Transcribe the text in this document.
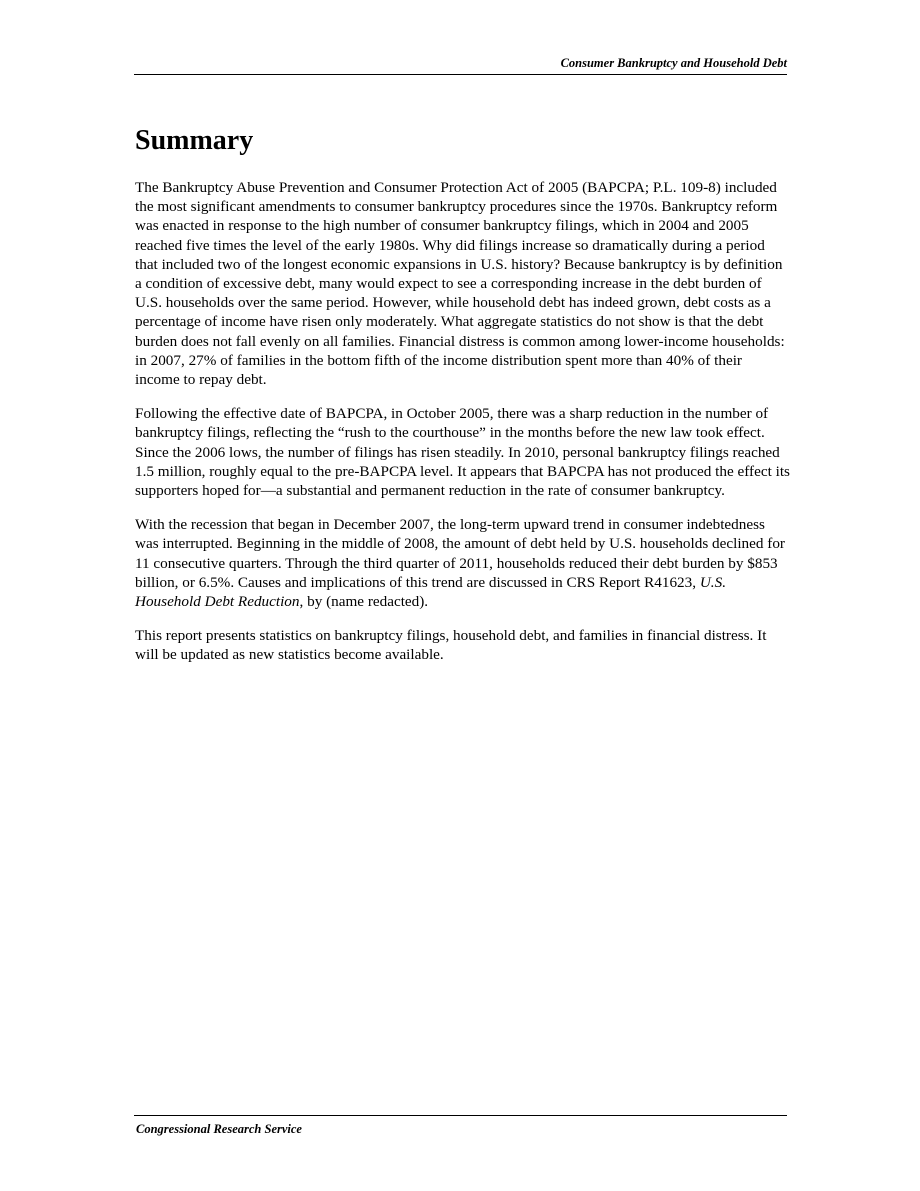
Consumer Bankruptcy and Household Debt
Summary

The Bankruptcy Abuse Prevention and Consumer Protection Act of 2005 (BAPCPA; P.L. 109-8) included the most significant amendments to consumer bankruptcy procedures since the 1970s. Bankruptcy reform was enacted in response to the high number of consumer bankruptcy filings, which in 2004 and 2005 reached five times the level of the early 1980s. Why did filings increase so dramatically during a period that included two of the longest economic expansions in U.S. history? Because bankruptcy is by definition a condition of excessive debt, many would expect to see a corresponding increase in the debt burden of U.S. households over the same period. However, while household debt has indeed grown, debt costs as a percentage of income have risen only moderately. What aggregate statistics do not show is that the debt burden does not fall evenly on all families. Financial distress is common among lower-income households: in 2007, 27% of families in the bottom fifth of the income distribution spent more than 40% of their income to repay debt.

Following the effective date of BAPCPA, in October 2005, there was a sharp reduction in the number of bankruptcy filings, reflecting the “rush to the courthouse” in the months before the new law took effect. Since the 2006 lows, the number of filings has risen steadily. In 2010, personal bankruptcy filings reached 1.5 million, roughly equal to the pre-BAPCPA level. It appears that BAPCPA has not produced the effect its supporters hoped for—a substantial and permanent reduction in the rate of consumer bankruptcy.

With the recession that began in December 2007, the long-term upward trend in consumer indebtedness was interrupted. Beginning in the middle of 2008, the amount of debt held by U.S. households declined for 11 consecutive quarters. Through the third quarter of 2011, households reduced their debt burden by $853 billion, or 6.5%. Causes and implications of this trend are discussed in CRS Report R41623, U.S. Household Debt Reduction, by (name redacted).

This report presents statistics on bankruptcy filings, household debt, and families in financial distress. It will be updated as new statistics become available.

Congressional Research Service
